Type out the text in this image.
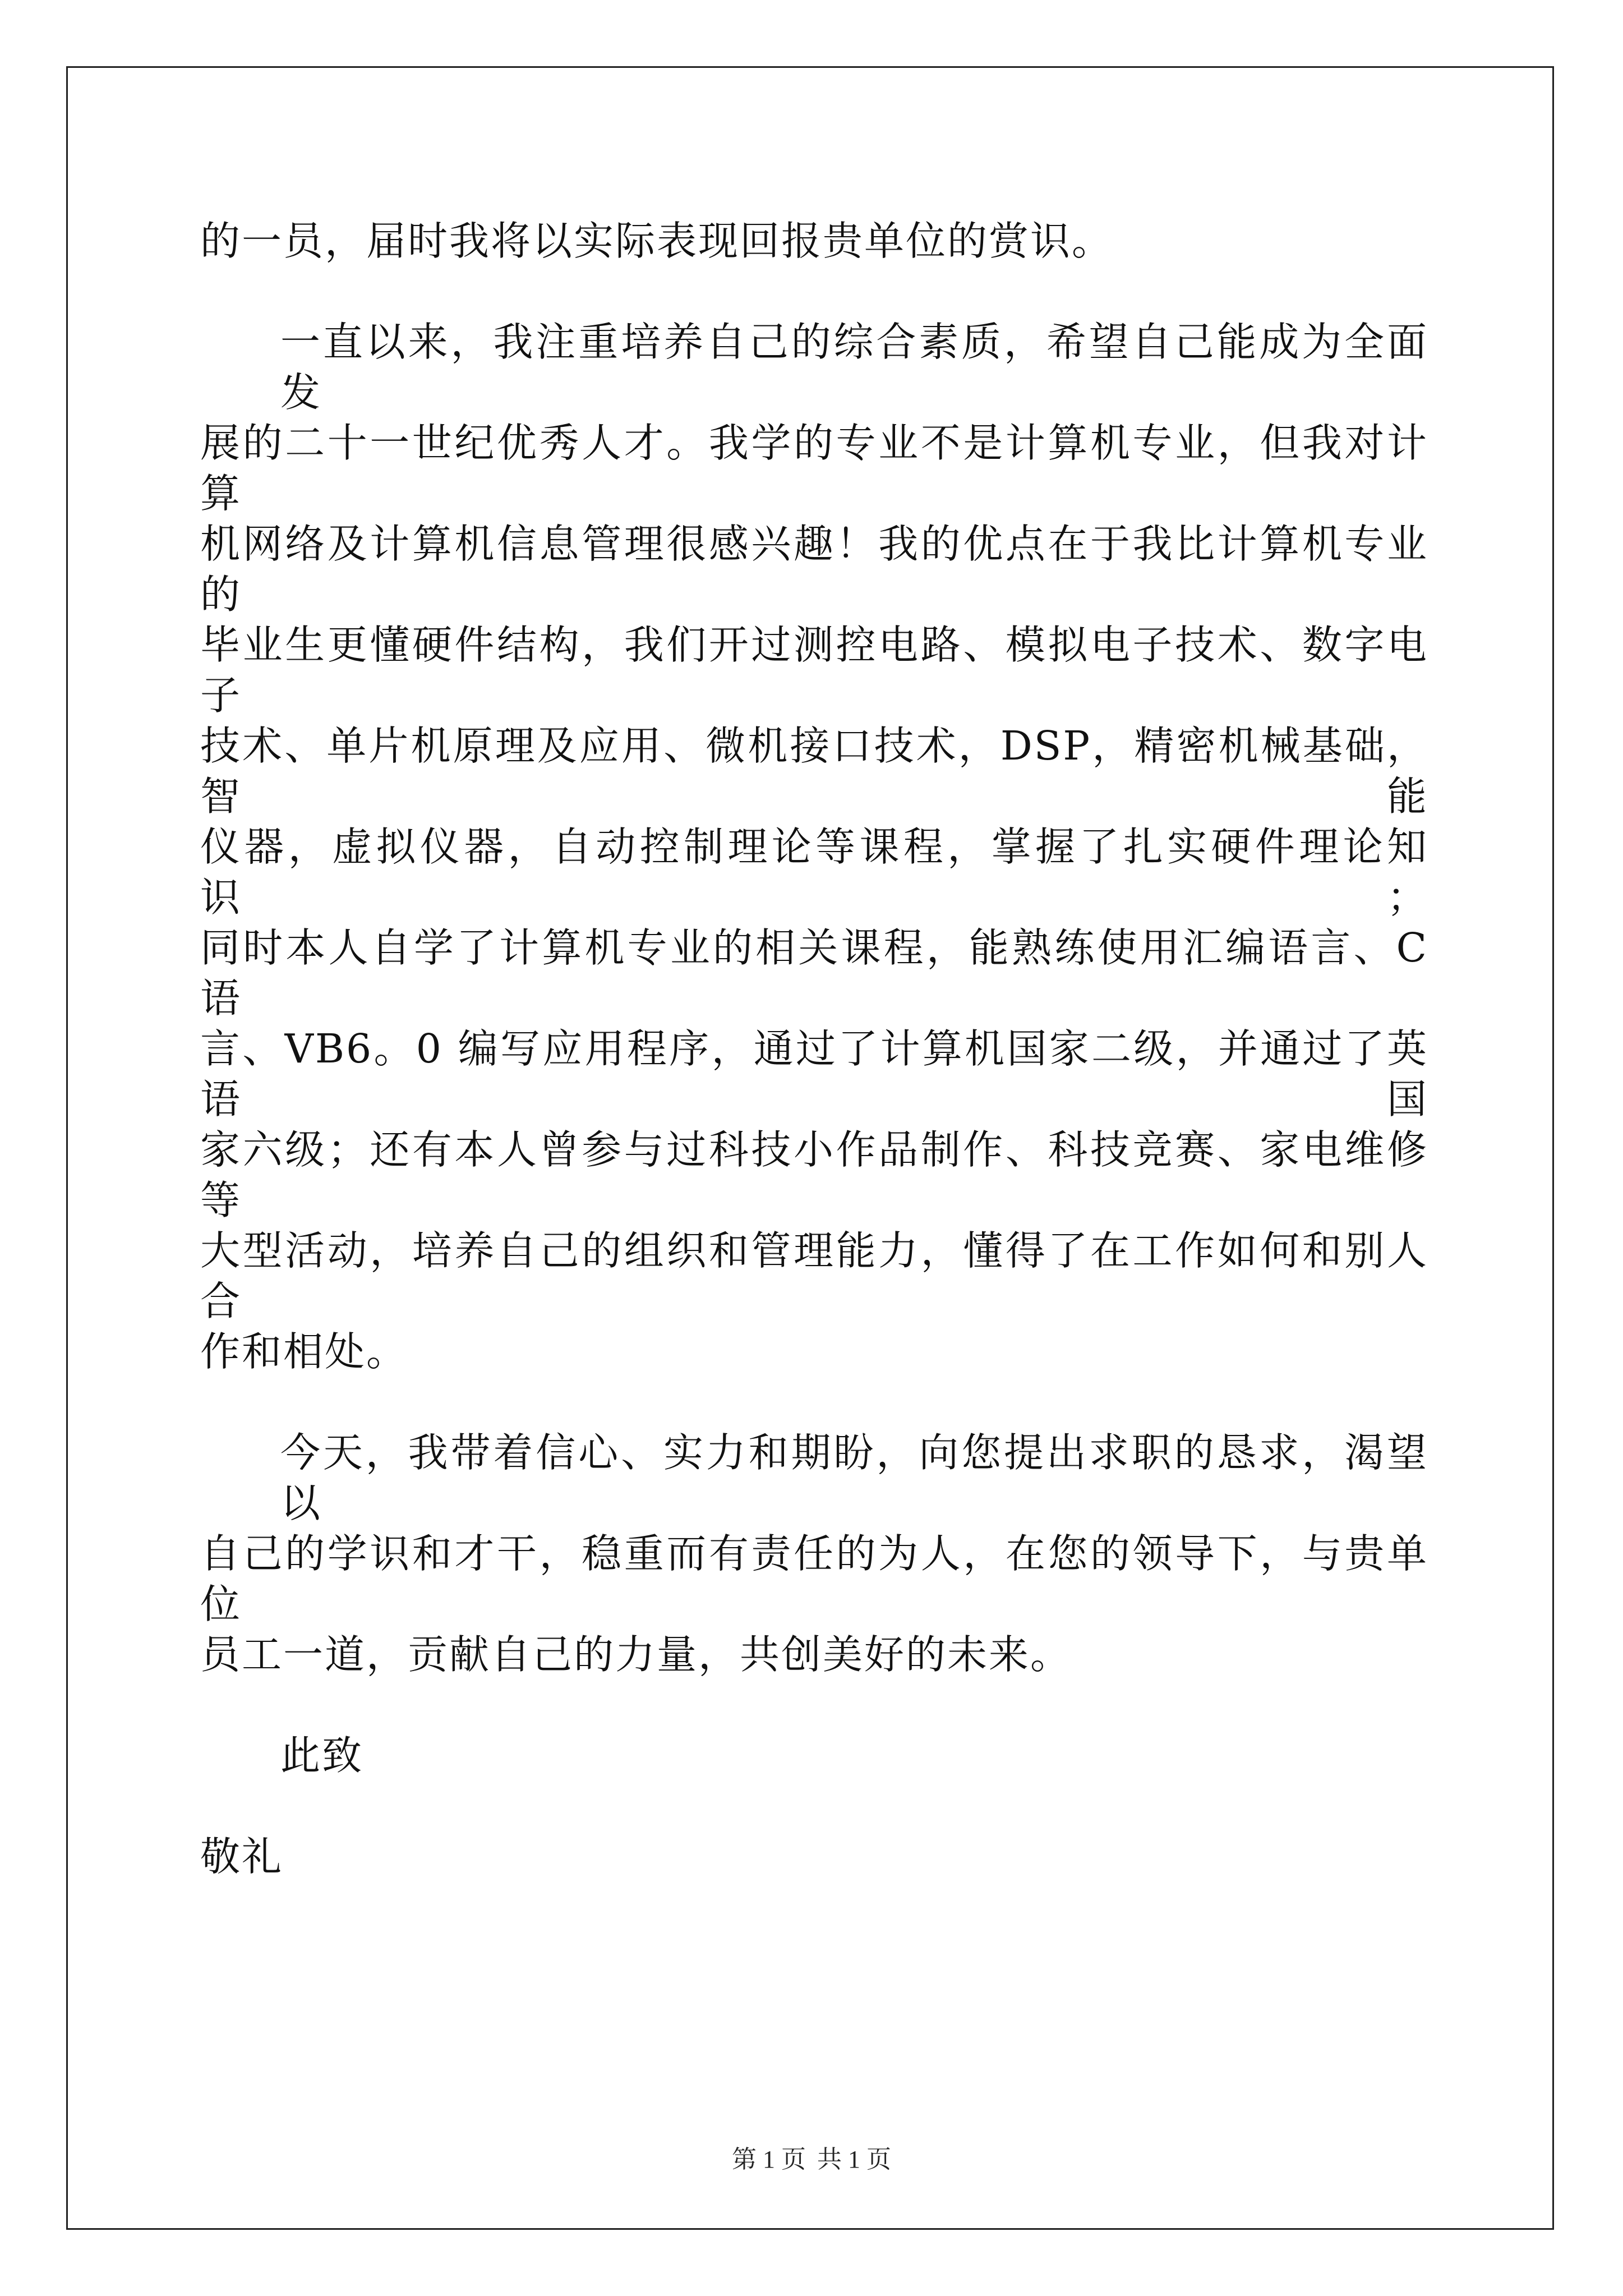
的一员，届时我将以实际表现回报贵单位的赏识。
一直以来，我注重培养自己的综合素质，希望自己能成为全面发
展的二十一世纪优秀人才。我学的专业不是计算机专业，但我对计算
机网络及计算机信息管理很感兴趣！我的优点在于我比计算机专业的
毕业生更懂硬件结构，我们开过测控电路、模拟电子技术、数字电子
技术、单片机原理及应用、微机接口技术，DSP，精密机械基础，智能
仪器，虚拟仪器，自动控制理论等课程，掌握了扎实硬件理论知识；
同时本人自学了计算机专业的相关课程，能熟练使用汇编语言、C 语
言、VB6。0 编写应用程序，通过了计算机国家二级，并通过了英语国
家六级；还有本人曾参与过科技小作品制作、科技竞赛、家电维修等
大型活动，培养自己的组织和管理能力，懂得了在工作如何和别人合
作和相处。
今天，我带着信心、实力和期盼，向您提出求职的恳求，渴望以
自己的学识和才干，稳重而有责任的为人，在您的领导下，与贵单位
员工一道，贡献自己的力量，共创美好的未来。
此致
敬礼
第 1 页 共 1 页
